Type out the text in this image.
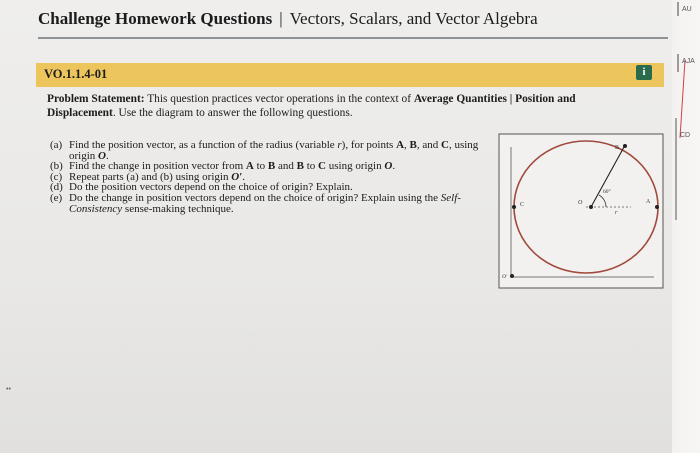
Challenge Homework Questions | Vectors, Scalars, and Vector Algebra
VO.1.1.4-01	i
Problem Statement: This question practices vector operations in the context of Average Quantities | Position and Displacement. Use the diagram to answer the following questions.
(a) Find the position vector, as a function of the radius (variable r), for points A, B, and C, using origin O.
(b) Find the change in position vector from A to B and B to C using origin O.
(c) Repeat parts (a) and (b) using origin O′.
(d) Do the position vectors depend on the choice of origin? Explain.
(e) Do the change in position vectors depend on the choice of origin? Explain using the Self-Consistency sense-making technique.
B
A
C	O
O′
60°
r
••
AU
AJA
CD
